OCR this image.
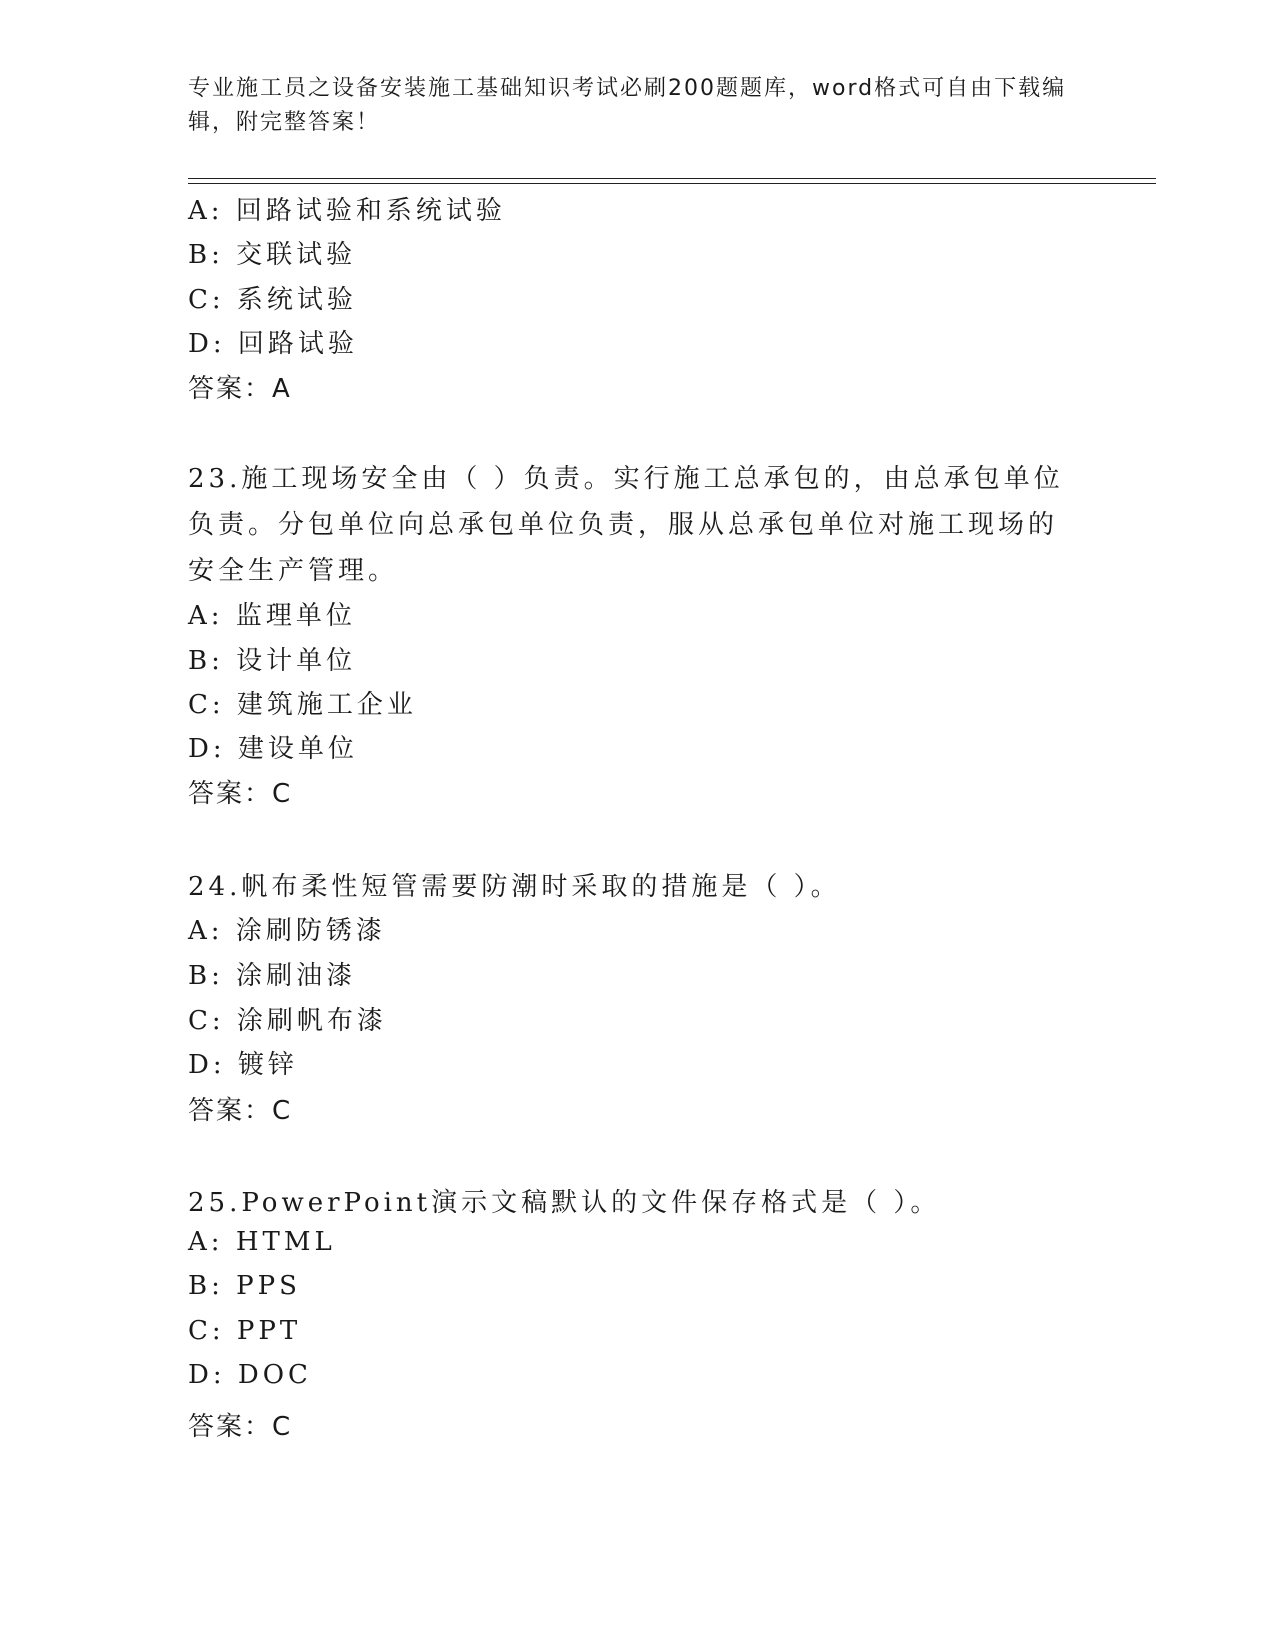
专业施工员之设备安装施工基础知识考试必刷200题题库，word格式可自由下载编辑，附完整答案！
A: 回路试验和系统试验
B: 交联试验
C: 系统试验
D: 回路试验
答案：A
23.施工现场安全由（ ）负责。实行施工总承包的，由总承包单位负责。分包单位向总承包单位负责，服从总承包单位对施工现场的安全生产管理。
A: 监理单位
B: 设计单位
C: 建筑施工企业
D: 建设单位
答案：C
24.帆布柔性短管需要防潮时采取的措施是（ ）。
A: 涂刷防锈漆
B: 涂刷油漆
C: 涂刷帆布漆
D: 镀锌
答案：C
25.PowerPoint演示文稿默认的文件保存格式是（ ）。
A: HTML
B: PPS
C: PPT
D: DOC
答案：C
